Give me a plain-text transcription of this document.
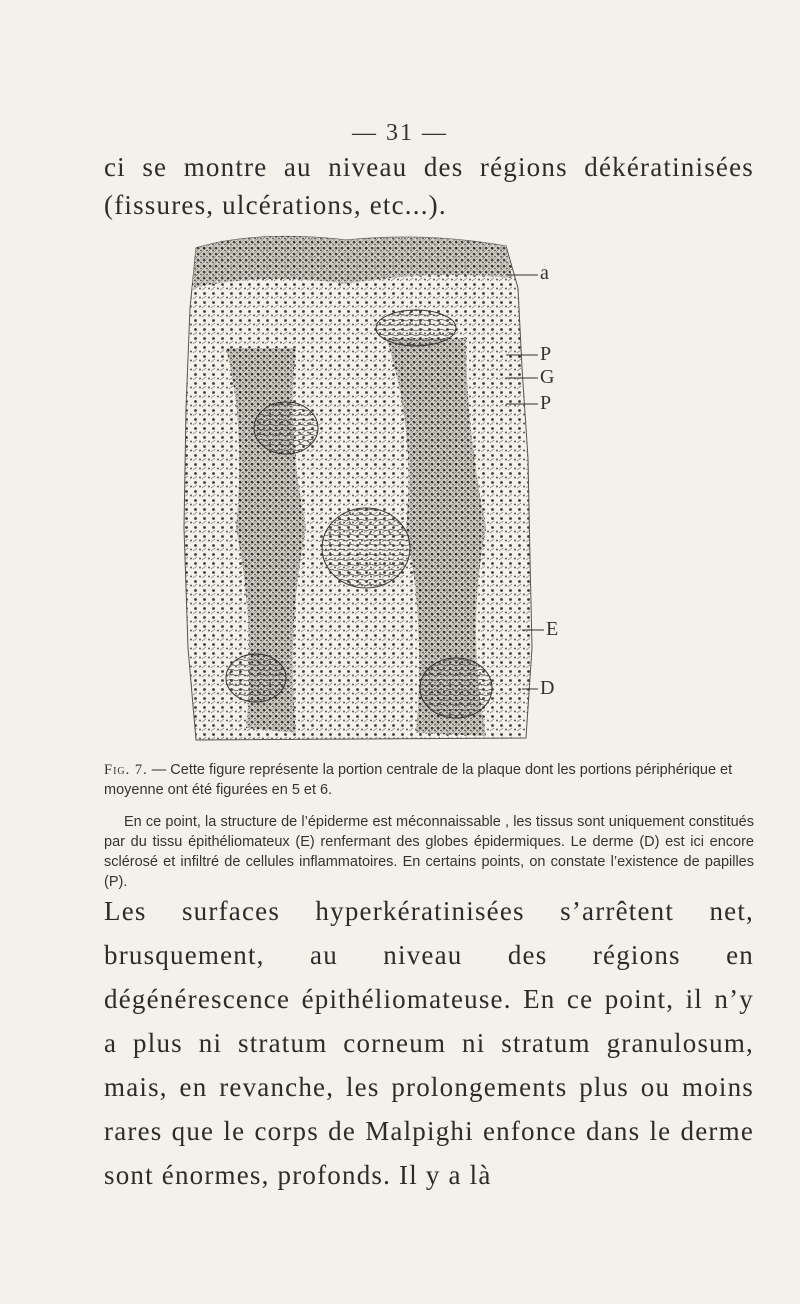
— 31 —

ci se montre au niveau des régions dékératinisées (fissures, ulcérations, etc...).

a
P
G
P
E
D

Fig. 7. — Cette figure représente la portion centrale de la plaque dont les portions périphérique et moyenne ont été figurées en 5 et 6.

En ce point, la structure de l’épiderme est méconnaissable , les tissus sont uniquement constitués par du tissu épithéliomateux (E) renfermant des globes épidermiques. Le derme (D) est ici encore sclérosé et infiltré de cellules inflammatoires. En certains points, on constate l’existence de papilles (P).

Les surfaces hyperkératinisées s’arrêtent net, brusquement, au niveau des régions en dégénérescence épithéliomateuse. En ce point, il n’y a plus ni stratum corneum ni stratum granulosum, mais, en revanche, les prolongements plus ou moins rares que le corps de Malpighi enfonce dans le derme sont énormes, profonds. Il y a là
